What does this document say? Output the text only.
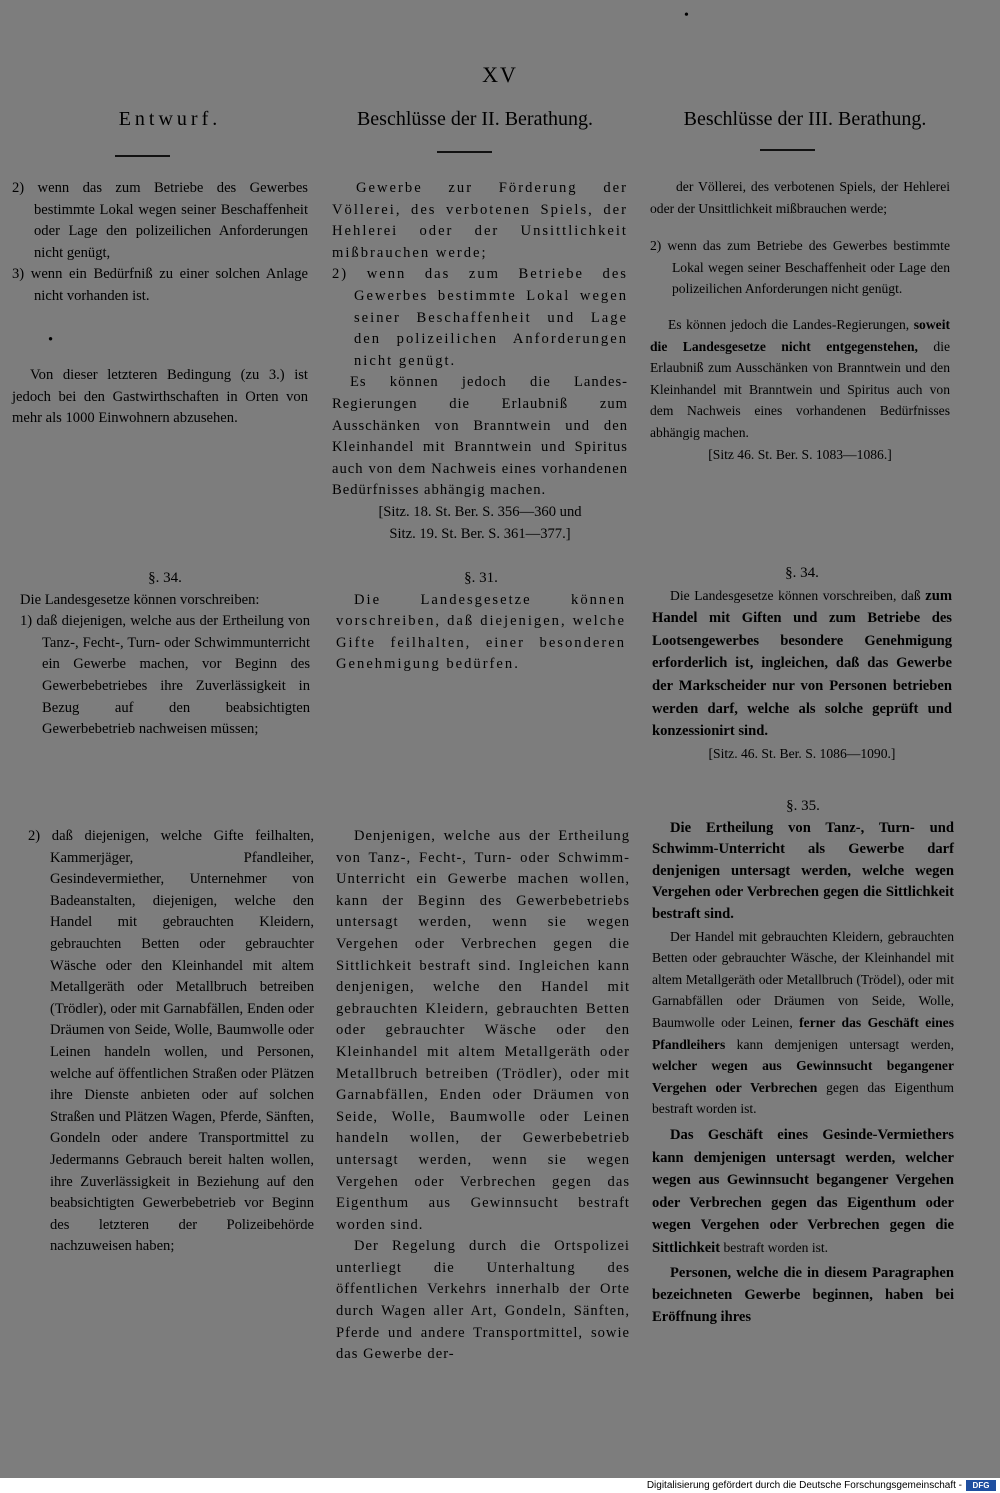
•
XV
Entwurf.	Beschlüsse der II. Berathung.	Beschlüsse der III. Berathung.

2) wenn das zum Betriebe des Gewerbes bestimmte Lokal wegen seiner Beschaffenheit oder Lage den polizeilichen Anforderungen nicht genügt,

3) wenn ein Bedürfniß zu einer solchen Anlage nicht vorhanden ist.

•

Von dieser letzteren Bedingung (zu 3.) ist jedoch bei den Gastwirthschaften in Orten von mehr als 1000 Einwohnern abzusehen.

§. 34.

Die Landesgesetze können vorschreiben:

1) daß diejenigen, welche aus der Ertheilung von Tanz-, Fecht-, Turn- oder Schwimmunterricht ein Gewerbe machen, vor Beginn des Gewerbebetriebes ihre Zuverlässigkeit in Bezug auf den beabsichtigten Gewerbebetrieb nachweisen müssen;

2) daß diejenigen, welche Gifte feilhalten, Kammerjäger, Pfandleiher, Gesindevermiether, Unternehmer von Badeanstalten, diejenigen, welche den Handel mit gebrauchten Kleidern, gebrauchten Betten oder gebrauchter Wäsche oder den Kleinhandel mit altem Metallgeräth oder Metallbruch betreiben (Trödler), oder mit Garnabfällen, Enden oder Dräumen von Seide, Wolle, Baumwolle oder Leinen handeln wollen, und Personen, welche auf öffentlichen Straßen oder Plätzen ihre Dienste anbieten oder auf solchen Straßen und Plätzen Wagen, Pferde, Sänften, Gondeln oder andere Transportmittel zu Jedermanns Gebrauch bereit halten wollen, ihre Zuverlässigkeit in Beziehung auf den beabsichtigten Gewerbebetrieb vor Beginn des letzteren der Polizeibehörde nachzuweisen haben;

Gewerbe zur Förderung der Völlerei, des verbotenen Spiels, der Hehlerei oder der Unsittlichkeit mißbrauchen werde;

2) wenn das zum Betriebe des Gewerbes bestimmte Lokal wegen seiner Beschaffenheit und Lage den polizeilichen Anforderungen nicht genügt.

Es können jedoch die Landes-Regierungen die Erlaubniß zum Ausschänken von Branntwein und den Kleinhandel mit Branntwein und Spiritus auch von dem Nachweis eines vorhandenen Bedürfnisses abhängig machen.

[Sitz. 18. St. Ber. S. 356—360 und

Sitz. 19. St. Ber. S. 361—377.]

§. 31.

Die Landesgesetze können vorschreiben, daß diejenigen, welche Gifte feilhalten, einer besonderen Genehmigung bedürfen.

Denjenigen, welche aus der Ertheilung von Tanz-, Fecht-, Turn- oder Schwimm-Unterricht ein Gewerbe machen wollen, kann der Beginn des Gewerbebetriebs untersagt werden, wenn sie wegen Vergehen oder Verbrechen gegen die Sittlichkeit bestraft sind. Ingleichen kann denjenigen, welche den Handel mit gebrauchten Kleidern, gebrauchten Betten oder gebrauchter Wäsche oder den Kleinhandel mit altem Metallgeräth oder Metallbruch betreiben (Trödler), oder mit Garnabfällen, Enden oder Dräumen von Seide, Wolle, Baumwolle oder Leinen handeln wollen, der Gewerbebetrieb untersagt werden, wenn sie wegen Vergehen oder Verbrechen gegen das Eigenthum aus Gewinnsucht bestraft worden sind.

Der Regelung durch die Ortspolizei unterliegt die Unterhaltung des öffentlichen Verkehrs innerhalb der Orte durch Wagen aller Art, Gondeln, Sänften, Pferde und andere Transportmittel, sowie das Gewerbe der-

der Völlerei, des verbotenen Spiels, der Hehlerei oder der Unsittlichkeit mißbrauchen werde;

2) wenn das zum Betriebe des Gewerbes bestimmte Lokal wegen seiner Beschaffenheit oder Lage den polizeilichen Anforderungen nicht genügt.

Es können jedoch die Landes-Regierungen, soweit die Landesgesetze nicht entgegenstehen, die Erlaubniß zum Ausschänken von Branntwein und den Kleinhandel mit Branntwein und Spiritus auch von dem Nachweis eines vorhandenen Bedürfnisses abhängig machen.

[Sitz 46. St. Ber. S. 1083—1086.]

§. 34.

Die Landesgesetze können vorschreiben, daß zum Handel mit Giften und zum Betriebe des Lootsengewerbes besondere Genehmigung erforderlich ist, ingleichen, daß das Gewerbe der Markscheider nur von Personen betrieben werden darf, welche als solche geprüft und konzessionirt sind.

[Sitz. 46. St. Ber. S. 1086—1090.]

§. 35.

Die Ertheilung von Tanz-, Turn- und Schwimm-Unterricht als Gewerbe darf denjenigen untersagt werden, welche wegen Vergehen oder Verbrechen gegen die Sittlichkeit bestraft sind.

Der Handel mit gebrauchten Kleidern, gebrauchten Betten oder gebrauchter Wäsche, der Kleinhandel mit altem Metallgeräth oder Metallbruch (Trödel), oder mit Garnabfällen oder Dräumen von Seide, Wolle, Baumwolle oder Leinen, ferner das Geschäft eines Pfandleihers kann demjenigen untersagt werden, welcher wegen aus Gewinnsucht begangener Vergehen oder Verbrechen gegen das Eigenthum bestraft worden ist.

Das Geschäft eines Gesinde-Vermiethers kann demjenigen untersagt werden, welcher wegen aus Gewinnsucht begangener Vergehen oder Verbrechen gegen das Eigenthum oder wegen Vergehen oder Verbrechen gegen die Sittlichkeit bestraft worden ist.

Personen, welche die in diesem Paragraphen bezeichneten Gewerbe beginnen, haben bei Eröffnung ihres

Digitalisierung gefördert durch die Deutsche Forschungsgemeinschaft -	DFG
